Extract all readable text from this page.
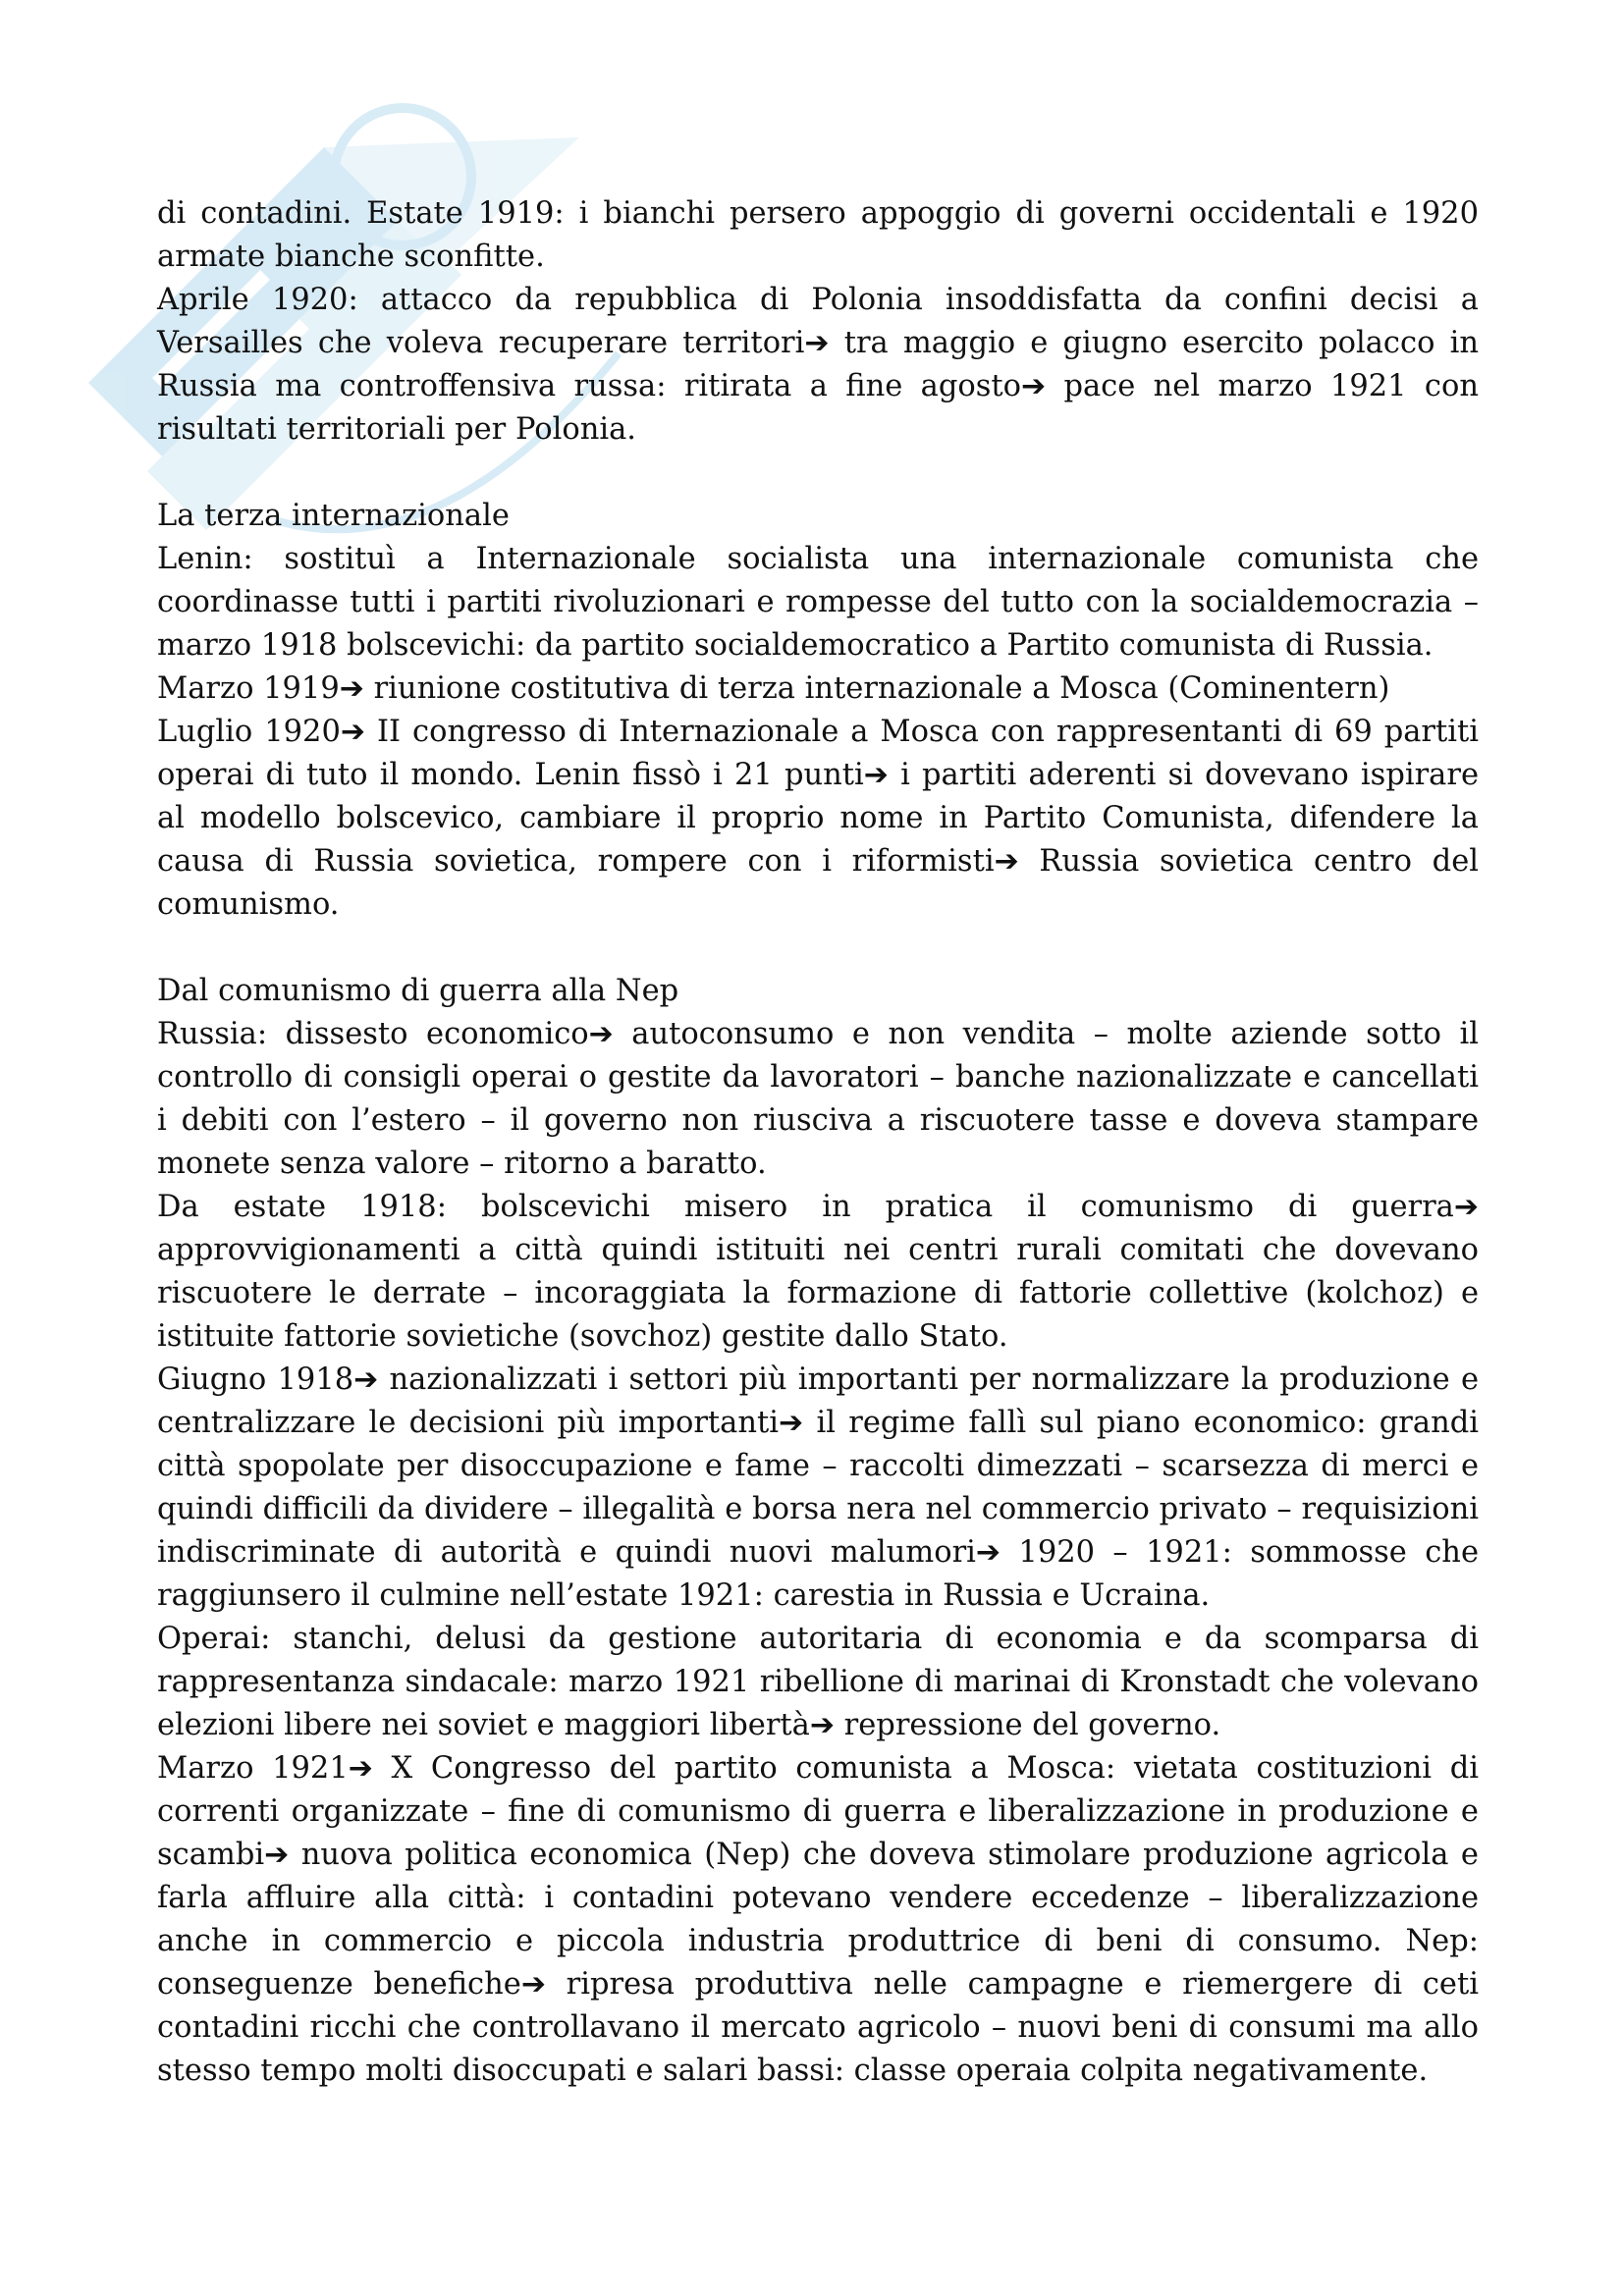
di contadini. Estate 1919: i bianchi persero appoggio di governi occidentali e 1920 armate bianche sconfitte.

Aprile 1920: attacco da repubblica di Polonia insoddisfatta da confini decisi a Versailles che voleva recuperare territori➔ tra maggio e giugno esercito polacco in Russia ma controffensiva russa: ritirata a fine agosto➔ pace nel marzo 1921 con risultati territoriali per Polonia.

La terza internazionale

Lenin: sostituì a Internazionale socialista una internazionale comunista che coordinasse tutti i partiti rivoluzionari e rompesse del tutto con la socialdemocrazia – marzo 1918 bolscevichi: da partito socialdemocratico a Partito comunista di Russia.

Marzo 1919➔ riunione costitutiva di terza internazionale a Mosca (Cominentern)

Luglio 1920➔ II congresso di Internazionale a Mosca con rappresentanti di 69 partiti operai di tuto il mondo. Lenin fissò i 21 punti➔ i partiti aderenti si dovevano ispirare al modello bolscevico, cambiare il proprio nome in Partito Comunista, difendere la causa di Russia sovietica, rompere con i riformisti➔ Russia sovietica centro del comunismo.

Dal comunismo di guerra alla Nep

Russia: dissesto economico➔ autoconsumo e non vendita – molte aziende sotto il controllo di consigli operai o gestite da lavoratori – banche nazionalizzate e cancellati i debiti con l’estero – il governo non riusciva a riscuotere tasse e doveva stampare monete senza valore – ritorno a baratto.

Da estate 1918: bolscevichi misero in pratica il comunismo di guerra➔ approvvigionamenti a città quindi istituiti nei centri rurali comitati che dovevano riscuotere le derrate – incoraggiata la formazione di fattorie collettive (kolchoz) e istituite fattorie sovietiche (sovchoz) gestite dallo Stato.

Giugno 1918➔ nazionalizzati i settori più importanti per normalizzare la produzione e centralizzare le decisioni più importanti➔ il regime fallì sul piano economico: grandi città spopolate per disoccupazione e fame – raccolti dimezzati – scarsezza di merci e quindi difficili da dividere – illegalità e borsa nera nel commercio privato – requisizioni indiscriminate di autorità e quindi nuovi malumori➔ 1920 – 1921: sommosse che raggiunsero il culmine nell’estate 1921: carestia in Russia e Ucraina.

Operai: stanchi, delusi da gestione autoritaria di economia e da scomparsa di rappresentanza sindacale: marzo 1921 ribellione di marinai di Kronstadt che volevano elezioni libere nei soviet e maggiori libertà➔ repressione del governo.

Marzo 1921➔ X Congresso del partito comunista a Mosca: vietata costituzioni di correnti organizzate – fine di comunismo di guerra e liberalizzazione in produzione e scambi➔ nuova politica economica (Nep) che doveva stimolare produzione agricola e farla affluire alla città: i contadini potevano vendere eccedenze – liberalizzazione anche in commercio e piccola industria produttrice di beni di consumo. Nep: conseguenze benefiche➔ ripresa produttiva nelle campagne e riemergere di ceti contadini ricchi che controllavano il mercato agricolo – nuovi beni di consumi ma allo stesso tempo molti disoccupati e salari bassi: classe operaia colpita negativamente.
